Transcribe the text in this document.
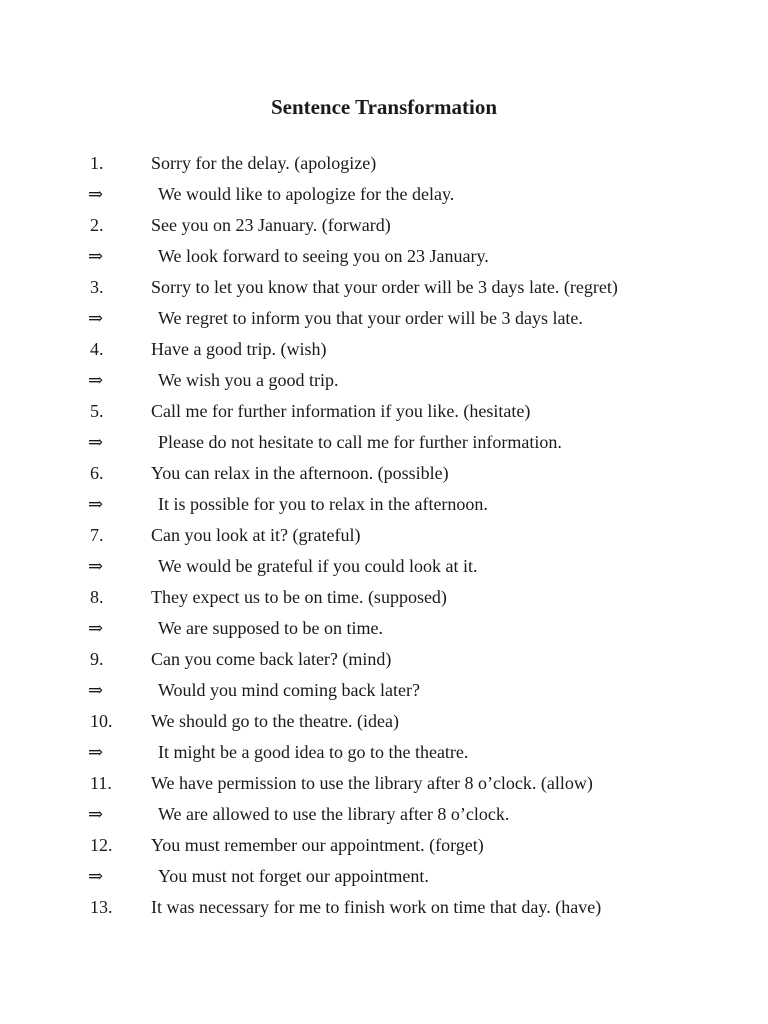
Sentence Transformation
1.	Sorry for the delay. (apologize)
⇒	We would like to apologize for the delay.
2.	See you on 23 January. (forward)
⇒	We look forward to seeing you on 23 January.
3.	Sorry to let you know that your order will be 3 days late. (regret)
⇒	We regret to inform you that your order will be 3 days late.
4.	Have a good trip. (wish)
⇒	We wish you a good trip.
5.	Call me for further information if you like. (hesitate)
⇒	Please do not hesitate to call me for further information.
6.	You can relax in the afternoon. (possible)
⇒	It is possible for you to relax in the afternoon.
7.	Can you look at it? (grateful)
⇒	We would be grateful if you could look at it.
8.	They expect us to be on time. (supposed)
⇒	We are supposed to be on time.
9.	Can you come back later? (mind)
⇒	Would you mind coming back later?
10. We should go to the theatre. (idea)
⇒	It might be a good idea to go to the theatre.
11. We have permission to use the library after 8 o’clock. (allow)
⇒	We are allowed to use the library after 8 o’clock.
12. You must remember our appointment. (forget)
⇒	You must not forget our appointment.
13. It was necessary for me to finish work on time that day. (have)
